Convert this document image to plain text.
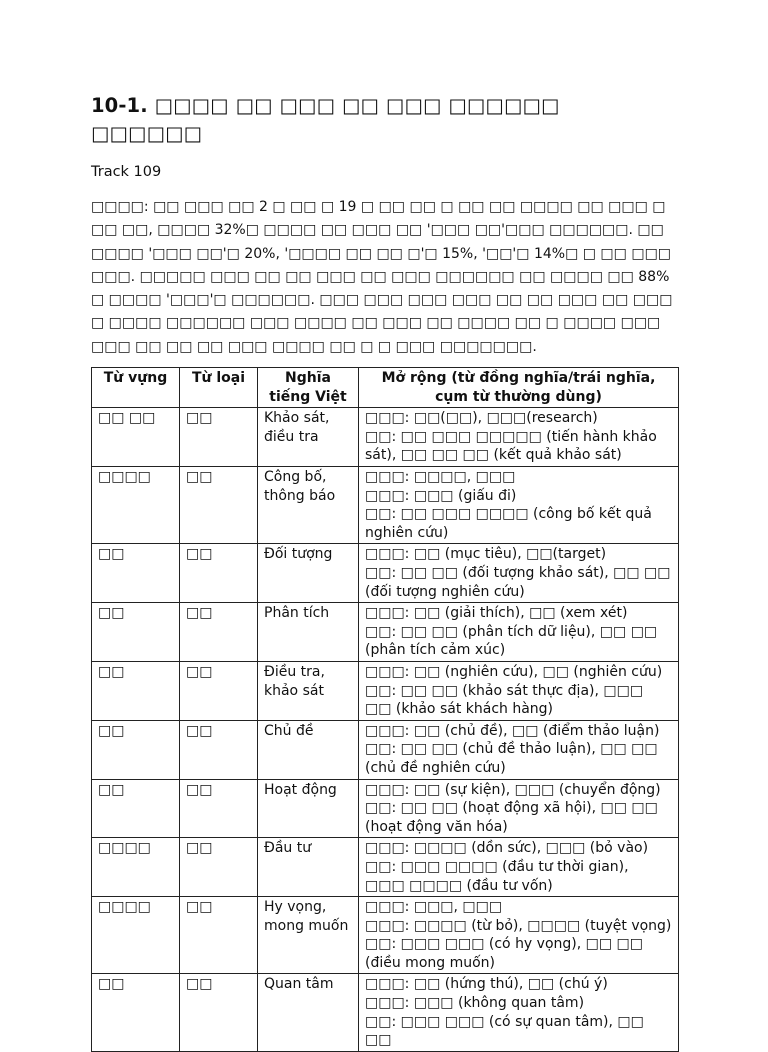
10-1. □□□□ □□ □□□ □□ □□□ □□□□□□ □□□□□□
Track 109
□□□□: □□ □□□ □□ 2 □ □□ □ 19 □ □□ □□ □ □□ □□ □□□□ □□ □□□ □□□ □□, □□□□ 32%□ □□□□ □□ □□□ □□ '□□□ □□'□□□ □□□□□□. □□□□□□ '□□□ □□'□ 20%, '□□□□ □□ □□ □'□ 15%, '□□'□ 14%□ □ □□ □□□□□□. □□□□□ □□□ □□ □□ □□□ □□ □□□ □□□□□□ □□ □□□□ □□ 88%□ □□□□ '□□□'□ □□□□□□. □□□ □□□ □□□ □□□ □□ □□ □□□ □□ □□□□ □□□□ □□□□□□ □□□ □□□□ □□ □□□ □□ □□□□ □□ □ □□□□ □□□ □□□ □□ □□ □□ □□□ □□□□ □□ □ □ □□□ □□□□□□□.
Từ vựng	Từ loại	Nghĩa tiếng Việt	Mở rộng (từ đồng nghĩa/trái nghĩa, cụm từ thường dùng)
□□ □□	□□	Khảo sát, điều tra	□□□: □□(□□), □□□(research)
□□: □□ □□□ □□□□□ (tiến hành khảo sát), □□ □□ □□ (kết quả khảo sát)

□□□□	□□	Công bố, thông báo	□□□: □□□□, □□□
□□□: □□□ (giấu đi)
□□: □□ □□□ □□□□ (công bố kết quả nghiên cứu)

□□	□□	Đối tượng	□□□: □□ (mục tiêu), □□(target)
□□: □□ □□ (đối tượng khảo sát), □□ □□ (đối tượng nghiên cứu)

□□	□□	Phân tích	□□□: □□ (giải thích), □□ (xem xét)
□□: □□ □□ (phân tích dữ liệu), □□ □□ (phân tích cảm xúc)

□□	□□	Điều tra, khảo sát	□□□: □□ (nghiên cứu), □□ (nghiên cứu)
□□: □□ □□ (khảo sát thực địa), □□□ □□ (khảo sát khách hàng)

□□	□□	Chủ đề	□□□: □□ (chủ đề), □□ (điểm thảo luận)
□□: □□ □□ (chủ đề thảo luận), □□ □□ (chủ đề nghiên cứu)

□□	□□	Hoạt động	□□□: □□ (sự kiện), □□□ (chuyển động)
□□: □□ □□ (hoạt động xã hội), □□ □□ (hoạt động văn hóa)

□□□□	□□	Đầu tư	□□□: □□□□ (dồn sức), □□□ (bỏ vào)
□□: □□□ □□□□ (đầu tư thời gian), □□□ □□□□ (đầu tư vốn)

□□□□	□□	Hy vọng, mong muốn	□□□: □□□, □□□
□□□: □□□□ (từ bỏ), □□□□ (tuyệt vọng)
□□: □□□ □□□ (có hy vọng), □□ □□ (điều mong muốn)

□□	□□	Quan tâm	□□□: □□ (hứng thú), □□ (chú ý)
□□□: □□□ (không quan tâm)
□□: □□□ □□□ (có sự quan tâm), □□ □□
